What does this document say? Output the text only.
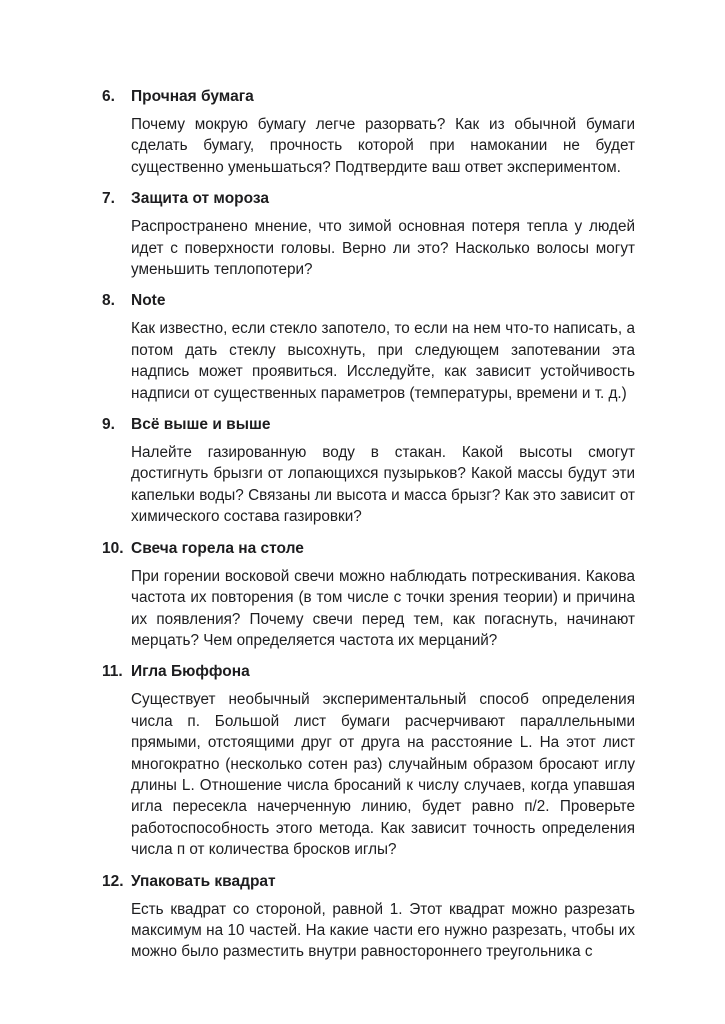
6. Прочная бумага

Почему мокрую бумагу легче разорвать? Как из обычной бумаги сделать бумагу, прочность которой при намокании не будет существенно уменьшаться? Подтвердите ваш ответ экспериментом.

7. Защита от мороза

Распространено мнение, что зимой основная потеря тепла у людей идет с поверхности головы. Верно ли это? Насколько волосы могут уменьшить теплопотери?

8. Note

Как известно, если стекло запотело, то если на нем что-то написать, а потом дать стеклу высохнуть, при следующем запотевании эта надпись может проявиться. Исследуйте, как зависит устойчивость надписи от существенных параметров (температуры, времени и т. д.)

9. Всё выше и выше

Налейте газированную воду в стакан. Какой высоты смогут достигнуть брызги от лопающихся пузырьков? Какой массы будут эти капельки воды? Связаны ли высота и масса брызг? Как это зависит от химического состава газировки?

10. Свеча горела на столе

При горении восковой свечи можно наблюдать потрескивания. Какова частота их повторения (в том числе с точки зрения теории) и причина их появления? Почему свечи перед тем, как погаснуть, начинают мерцать? Чем определяется частота их мерцаний?

11. Игла Бюффона

Существует необычный экспериментальный способ определения числа п. Большой лист бумаги расчерчивают параллельными прямыми, отстоящими друг от друга на расстояние L. На этот лист многократно (несколько сотен раз) случайным образом бросают иглу длины L. Отношение числа бросаний к числу случаев, когда упавшая игла пересекла начерченную линию, будет равно п/2. Проверьте работоспособность этого метода. Как зависит точность определения числа п от количества бросков иглы?

12. Упаковать квадрат

Есть квадрат со стороной, равной 1. Этот квадрат можно разрезать максимум на 10 частей. На какие части его нужно разрезать, чтобы их можно было разместить внутри равностороннего треугольника с
